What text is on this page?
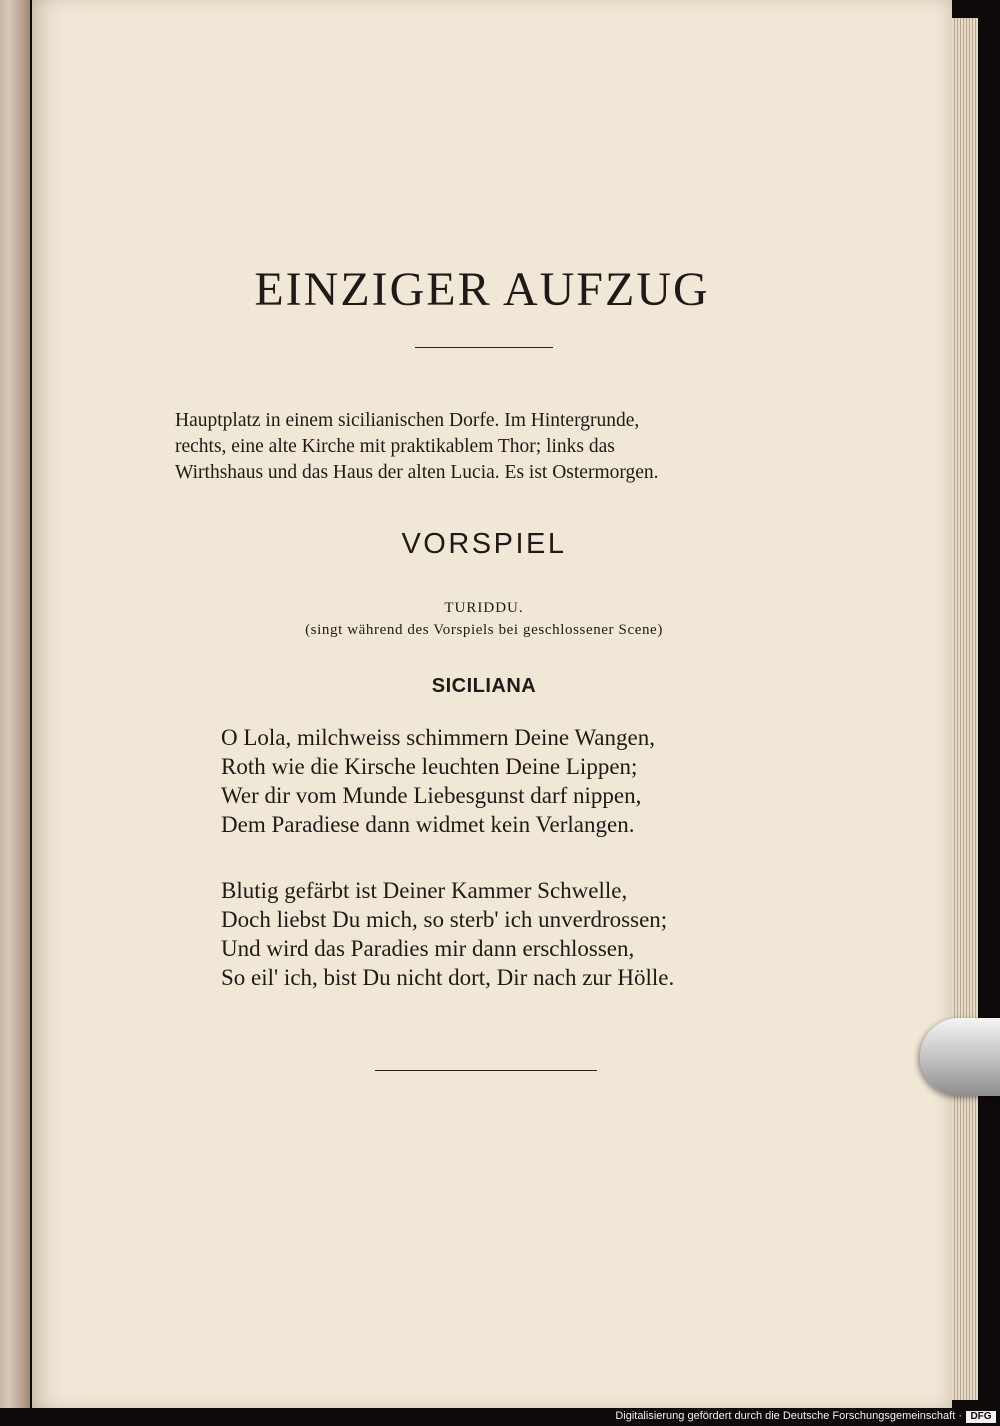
EINZIGER AUFZUG
Hauptplatz in einem sicilianischen Dorfe. Im Hintergrunde,
rechts, eine alte Kirche mit praktikablem Thor; links das
Wirthshaus und das Haus der alten Lucia. Es ist Ostermorgen.
VORSPIEL
TURIDDU.
(singt während des Vorspiels bei geschlossener Scene)
SICILIANA
O Lola, milchweiss schimmern Deine Wangen,
Roth wie die Kirsche leuchten Deine Lippen;
Wer dir vom Munde Liebesgunst darf nippen,
Dem Paradiese dann widmet kein Verlangen.
Blutig gefärbt ist Deiner Kammer Schwelle,
Doch liebst Du mich, so sterb' ich unverdrossen;
Und wird das Paradies mir dann erschlossen,
So eil' ich, bist Du nicht dort, Dir nach zur Hölle.
Digitalisierung gefördert durch die Deutsche Forschungsgemeinschaft · DFG
